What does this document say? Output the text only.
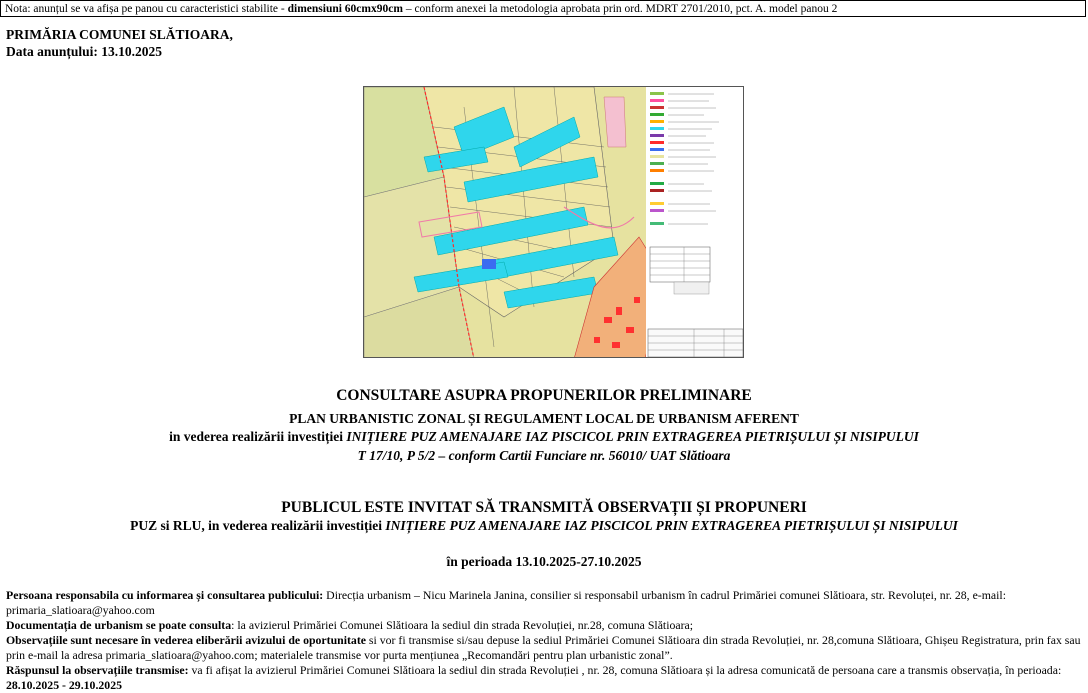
Nota: anunțul se va afișa pe panou cu caracteristici stabilite - dimensiuni 60cmx90cm – conform anexei la metodologia aprobata prin ord. MDRT 2701/2010, pct. A. model panou 2
PRIMĂRIA COMUNEI SLĂTIOARA,
Data anunțului: 13.10.2025
CONSULTARE ASUPRA PROPUNERILOR PRELIMINARE
PLAN URBANISTIC ZONAL ȘI REGULAMENT LOCAL DE URBANISM AFERENT
in vederea realizării investiției INIȚIERE PUZ AMENAJARE IAZ PISCICOL PRIN EXTRAGEREA PIETRIȘULUI ȘI NISIPULUI
T 17/10, P 5/2 – conform Cartii Funciare nr. 56010/ UAT Slătioara
PUBLICUL ESTE INVITAT SĂ TRANSMITĂ OBSERVAȚII ȘI PROPUNERI
PUZ si RLU, in vederea realizării investiției INIȚIERE PUZ AMENAJARE IAZ PISCICOL PRIN EXTRAGEREA PIETRIȘULUI ȘI NISIPULUI
în perioada 13.10.2025-27.10.2025

Persoana responsabila cu informarea și consultarea publicului: Direcția urbanism – Nicu Marinela Janina, consilier si responsabil urbanism în cadrul Primăriei comunei Slătioara, str. Revoluței, nr. 28, e-mail: primaria_slatioara@yahoo.com

Documentația de urbanism se poate consulta: la avizierul Primăriei Comunei Slătioara la sediul din strada Revoluției, nr.28, comuna Slătioara;

Observațiile sunt necesare în vederea eliberării avizului de oportunitate si vor fi transmise si/sau depuse la sediul Primăriei Comunei Slătioara din strada Revoluției, nr. 28,comuna Slătioara, Ghișeu Registratura, prin fax sau prin e-mail la adresa primaria_slatioara@yahoo.com; materialele transmise vor purta mențiunea „Recomandări pentru plan urbanistic zonal”.

Răspunsul la observațiile transmise: va fi afișat la avizierul Primăriei Comunei Slătioara la sediul din strada Revoluției , nr. 28, comuna Slătioara și la adresa comunicată de persoana care a transmis observația, în perioada: 28.10.2025 - 29.10.2025
